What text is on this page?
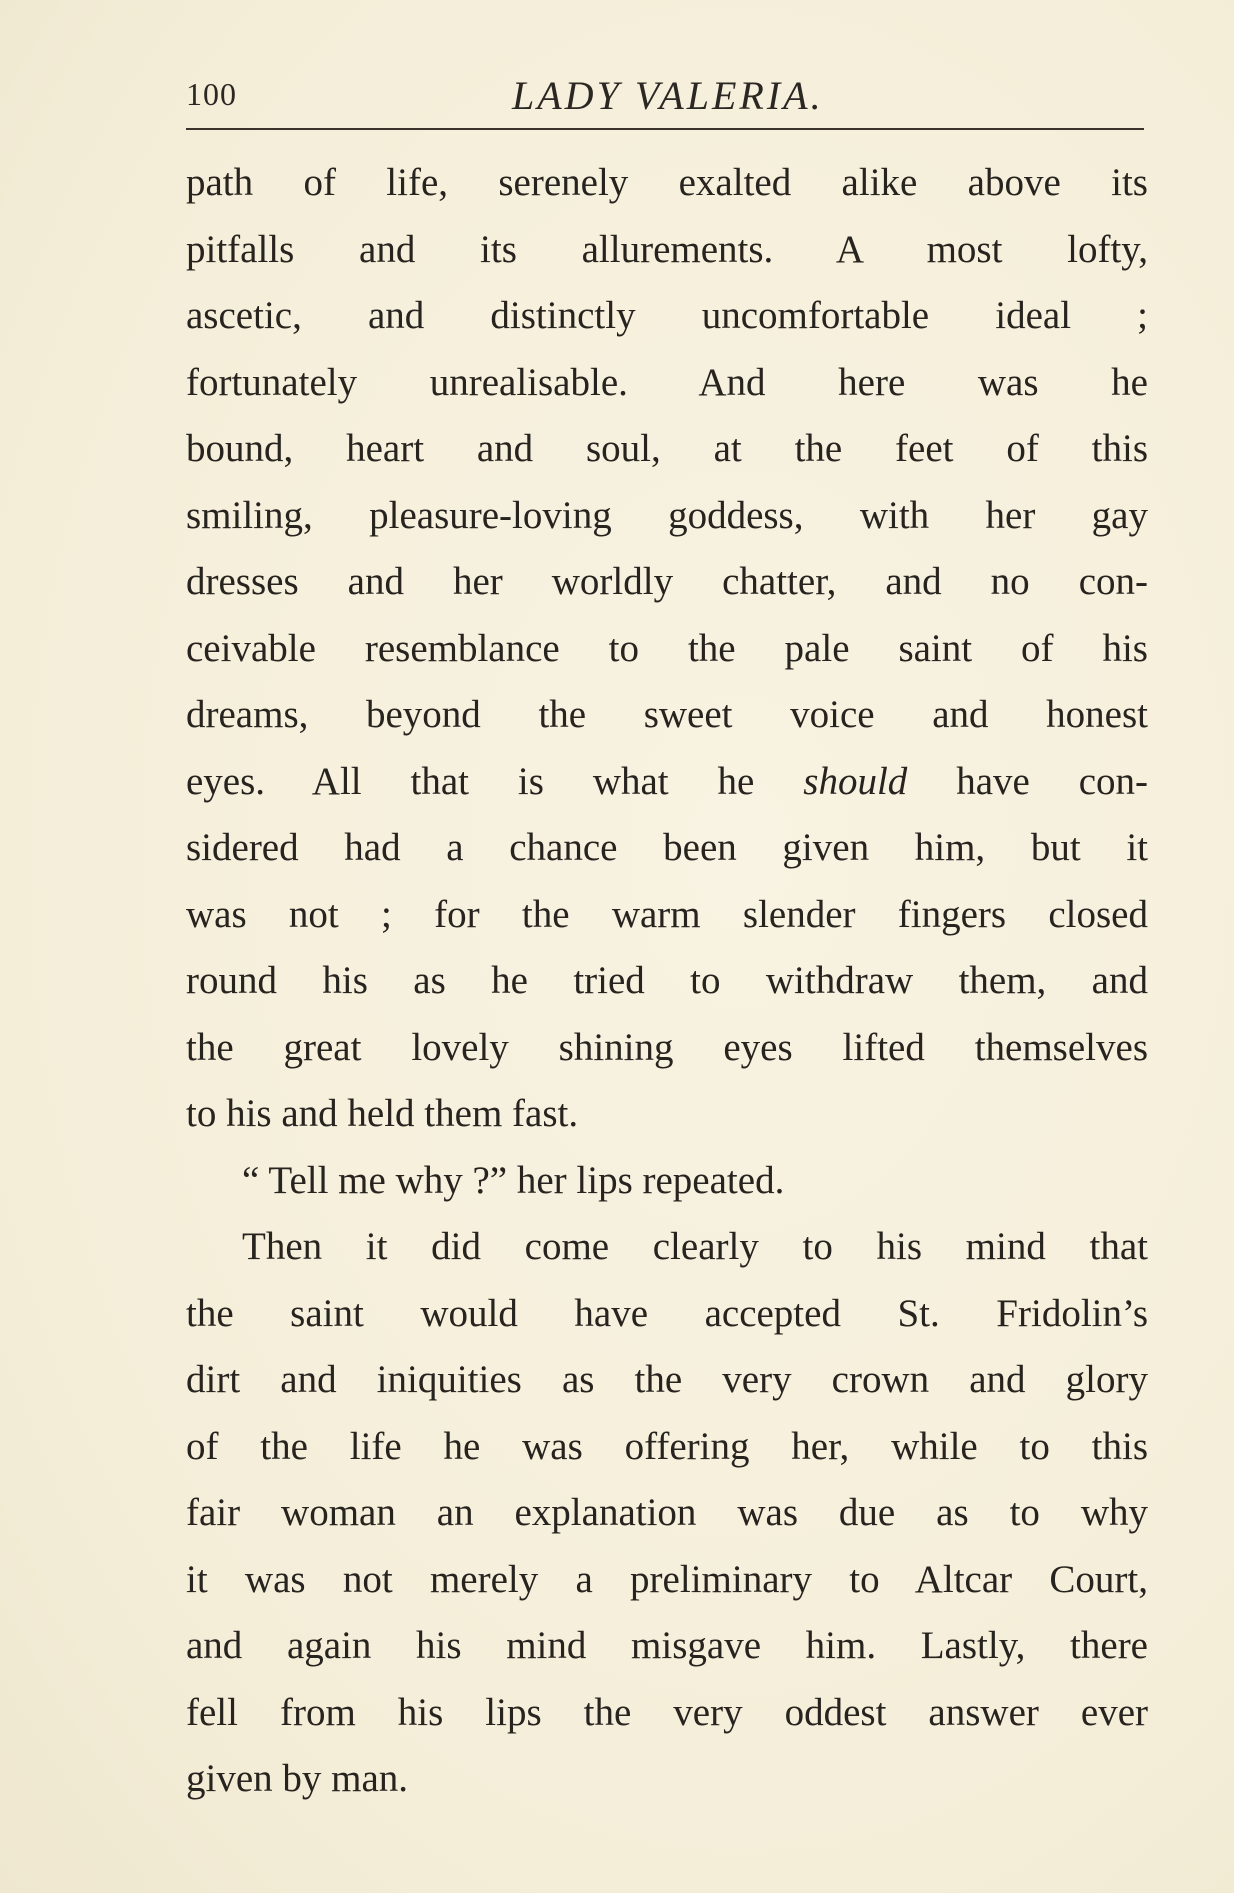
100	LADY VALERIA.
path of life, serenely exalted alike above its
pitfalls and its allurements. A most lofty,
ascetic, and distinctly uncomfortable ideal ;
fortunately unrealisable. And here was he
bound, heart and soul, at the feet of this
smiling, pleasure-loving goddess, with her gay
dresses and her worldly chatter, and no con-
ceivable resemblance to the pale saint of his
dreams, beyond the sweet voice and honest
eyes. All that is what he should have con-
sidered had a chance been given him, but it
was not ; for the warm slender fingers closed
round his as he tried to withdraw them, and
the great lovely shining eyes lifted themselves
to his and held them fast.
“ Tell me why ?” her lips repeated.
Then it did come clearly to his mind that
the saint would have accepted St. Fridolin’s
dirt and iniquities as the very crown and glory
of the life he was offering her, while to this
fair woman an explanation was due as to why
it was not merely a preliminary to Altcar Court,
and again his mind misgave him. Lastly, there
fell from his lips the very oddest answer ever
given by man.
